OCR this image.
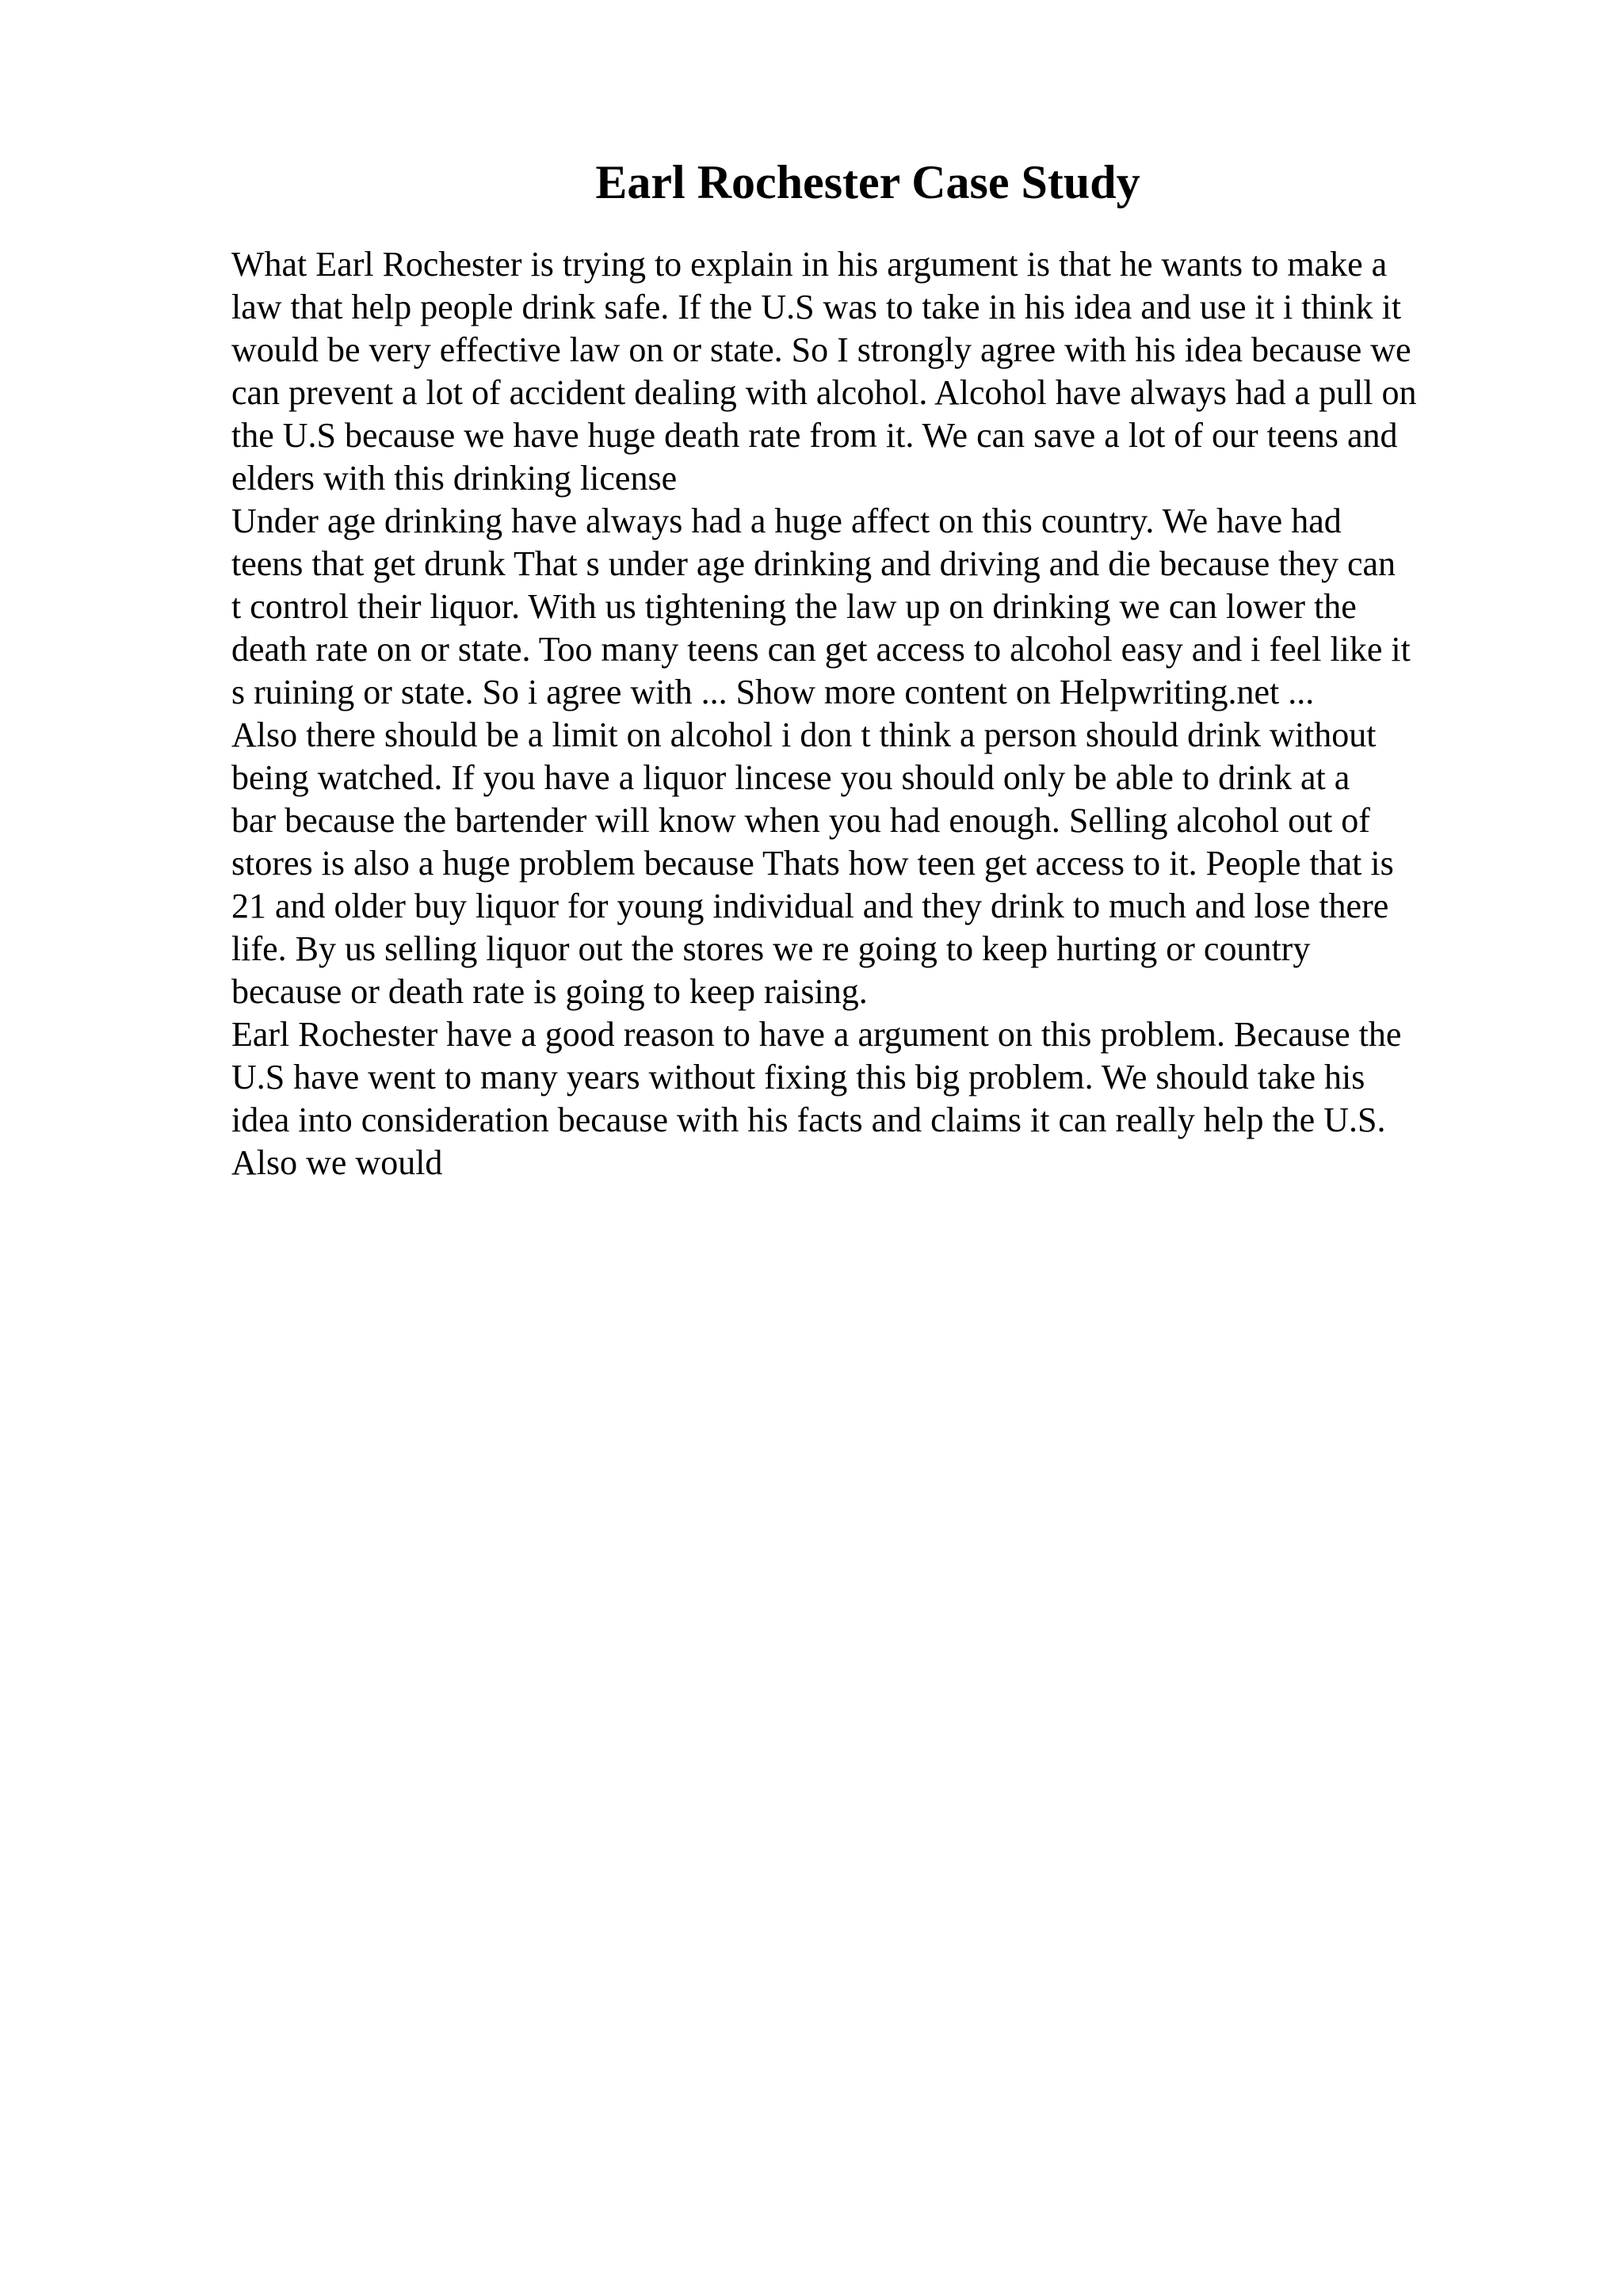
Earl Rochester Case Study
What Earl Rochester is trying to explain in his argument is that he wants to make a
law that help people drink safe. If the U.S was to take in his idea and use it i think it
would be very effective law on or state. So I strongly agree with his idea because we
can prevent a lot of accident dealing with alcohol. Alcohol have always had a pull on
the U.S because we have huge death rate from it. We can save a lot of our teens and
elders with this drinking license
Under age drinking have always had a huge affect on this country. We have had
teens that get drunk That s under age drinking and driving and die because they can
t control their liquor. With us tightening the law up on drinking we can lower the
death rate on or state. Too many teens can get access to alcohol easy and i feel like it
s ruining or state. So i agree with ... Show more content on Helpwriting.net ...
Also there should be a limit on alcohol i don t think a person should drink without
being watched. If you have a liquor lincese you should only be able to drink at a
bar because the bartender will know when you had enough. Selling alcohol out of
stores is also a huge problem because Thats how teen get access to it. People that is
21 and older buy liquor for young individual and they drink to much and lose there
life. By us selling liquor out the stores we re going to keep hurting or country
because or death rate is going to keep raising.
Earl Rochester have a good reason to have a argument on this problem. Because the
U.S have went to many years without fixing this big problem. We should take his
idea into consideration because with his facts and claims it can really help the U.S.
Also we would
